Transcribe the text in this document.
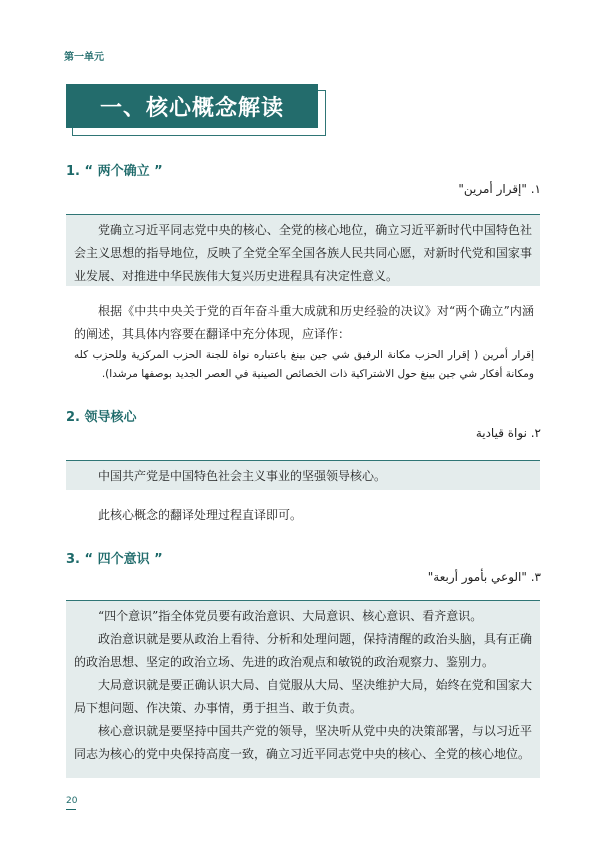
第一单元
一、核心概念解读
1. “ 两个确立 ”
١. "إقرار أمرين"

党确立习近平同志党中央的核心、全党的核心地位，确立习近平新时代中国特色社会主义思想的指导地位，反映了全党全军全国各族人民共同心愿，对新时代党和国家事业发展、对推进中华民族伟大复兴历史进程具有决定性意义。

根据《中共中央关于党的百年奋斗重大成就和历史经验的决议》对“两个确立”内涵的阐述，其具体内容要在翻译中充分体现，应译作：

إقرار أمرين ( إقرار الحزب مكانة الرفيق شي جين بينغ باعتباره نواة للجنة الحزب المركزية وللحزب كله ومكانة أفكار شي جين بينغ حول الاشتراكية ذات الخصائص الصينية في العصر الجديد بوصفها مرشدا).

2. 领导核心
٢. نواة قيادية

中国共产党是中国特色社会主义事业的坚强领导核心。

此核心概念的翻译处理过程直译即可。

3. “ 四个意识 ”
٣. "الوعي بأمور أربعة"

“四个意识”指全体党员要有政治意识、大局意识、核心意识、看齐意识。

政治意识就是要从政治上看待、分析和处理问题，保持清醒的政治头脑，具有正确的政治思想、坚定的政治立场、先进的政治观点和敏锐的政治观察力、鉴别力。

大局意识就是要正确认识大局、自觉服从大局、坚决维护大局，始终在党和国家大局下想问题、作决策、办事情，勇于担当、敢于负责。

核心意识就是要坚持中国共产党的领导，坚决听从党中央的决策部署，与以习近平同志为核心的党中央保持高度一致，确立习近平同志党中央的核心、全党的核心地位。

20
